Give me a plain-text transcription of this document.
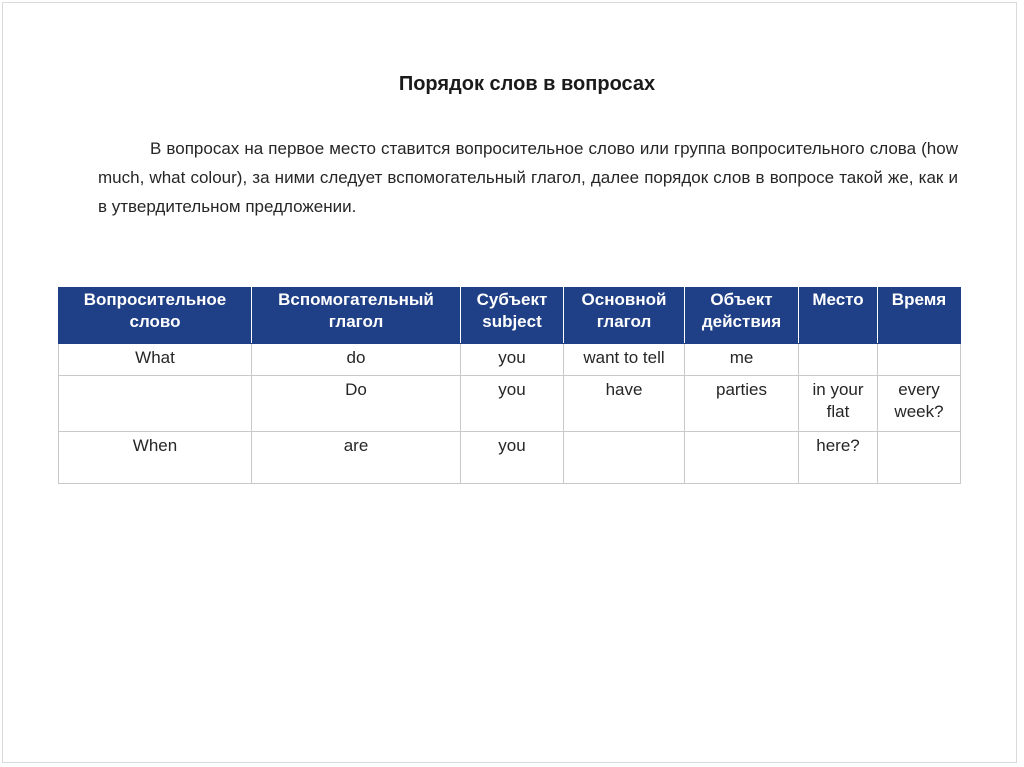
Порядок слов в вопросах

В вопросах на первое место ставится вопросительное слово или группа вопросительного слова (how much, what colour), за ними следует вспомогательный глагол, далее порядок слов в вопросе такой же, как и в утвердительном предложении.

Вопросительное слово	Вспомогательный глагол	Субъект subject	Основной глагол	Объект действия	Место	Время
What	do	you	want to tell	me		
	Do	you	have	parties	in your flat	every week?
When	are	you			here?	
